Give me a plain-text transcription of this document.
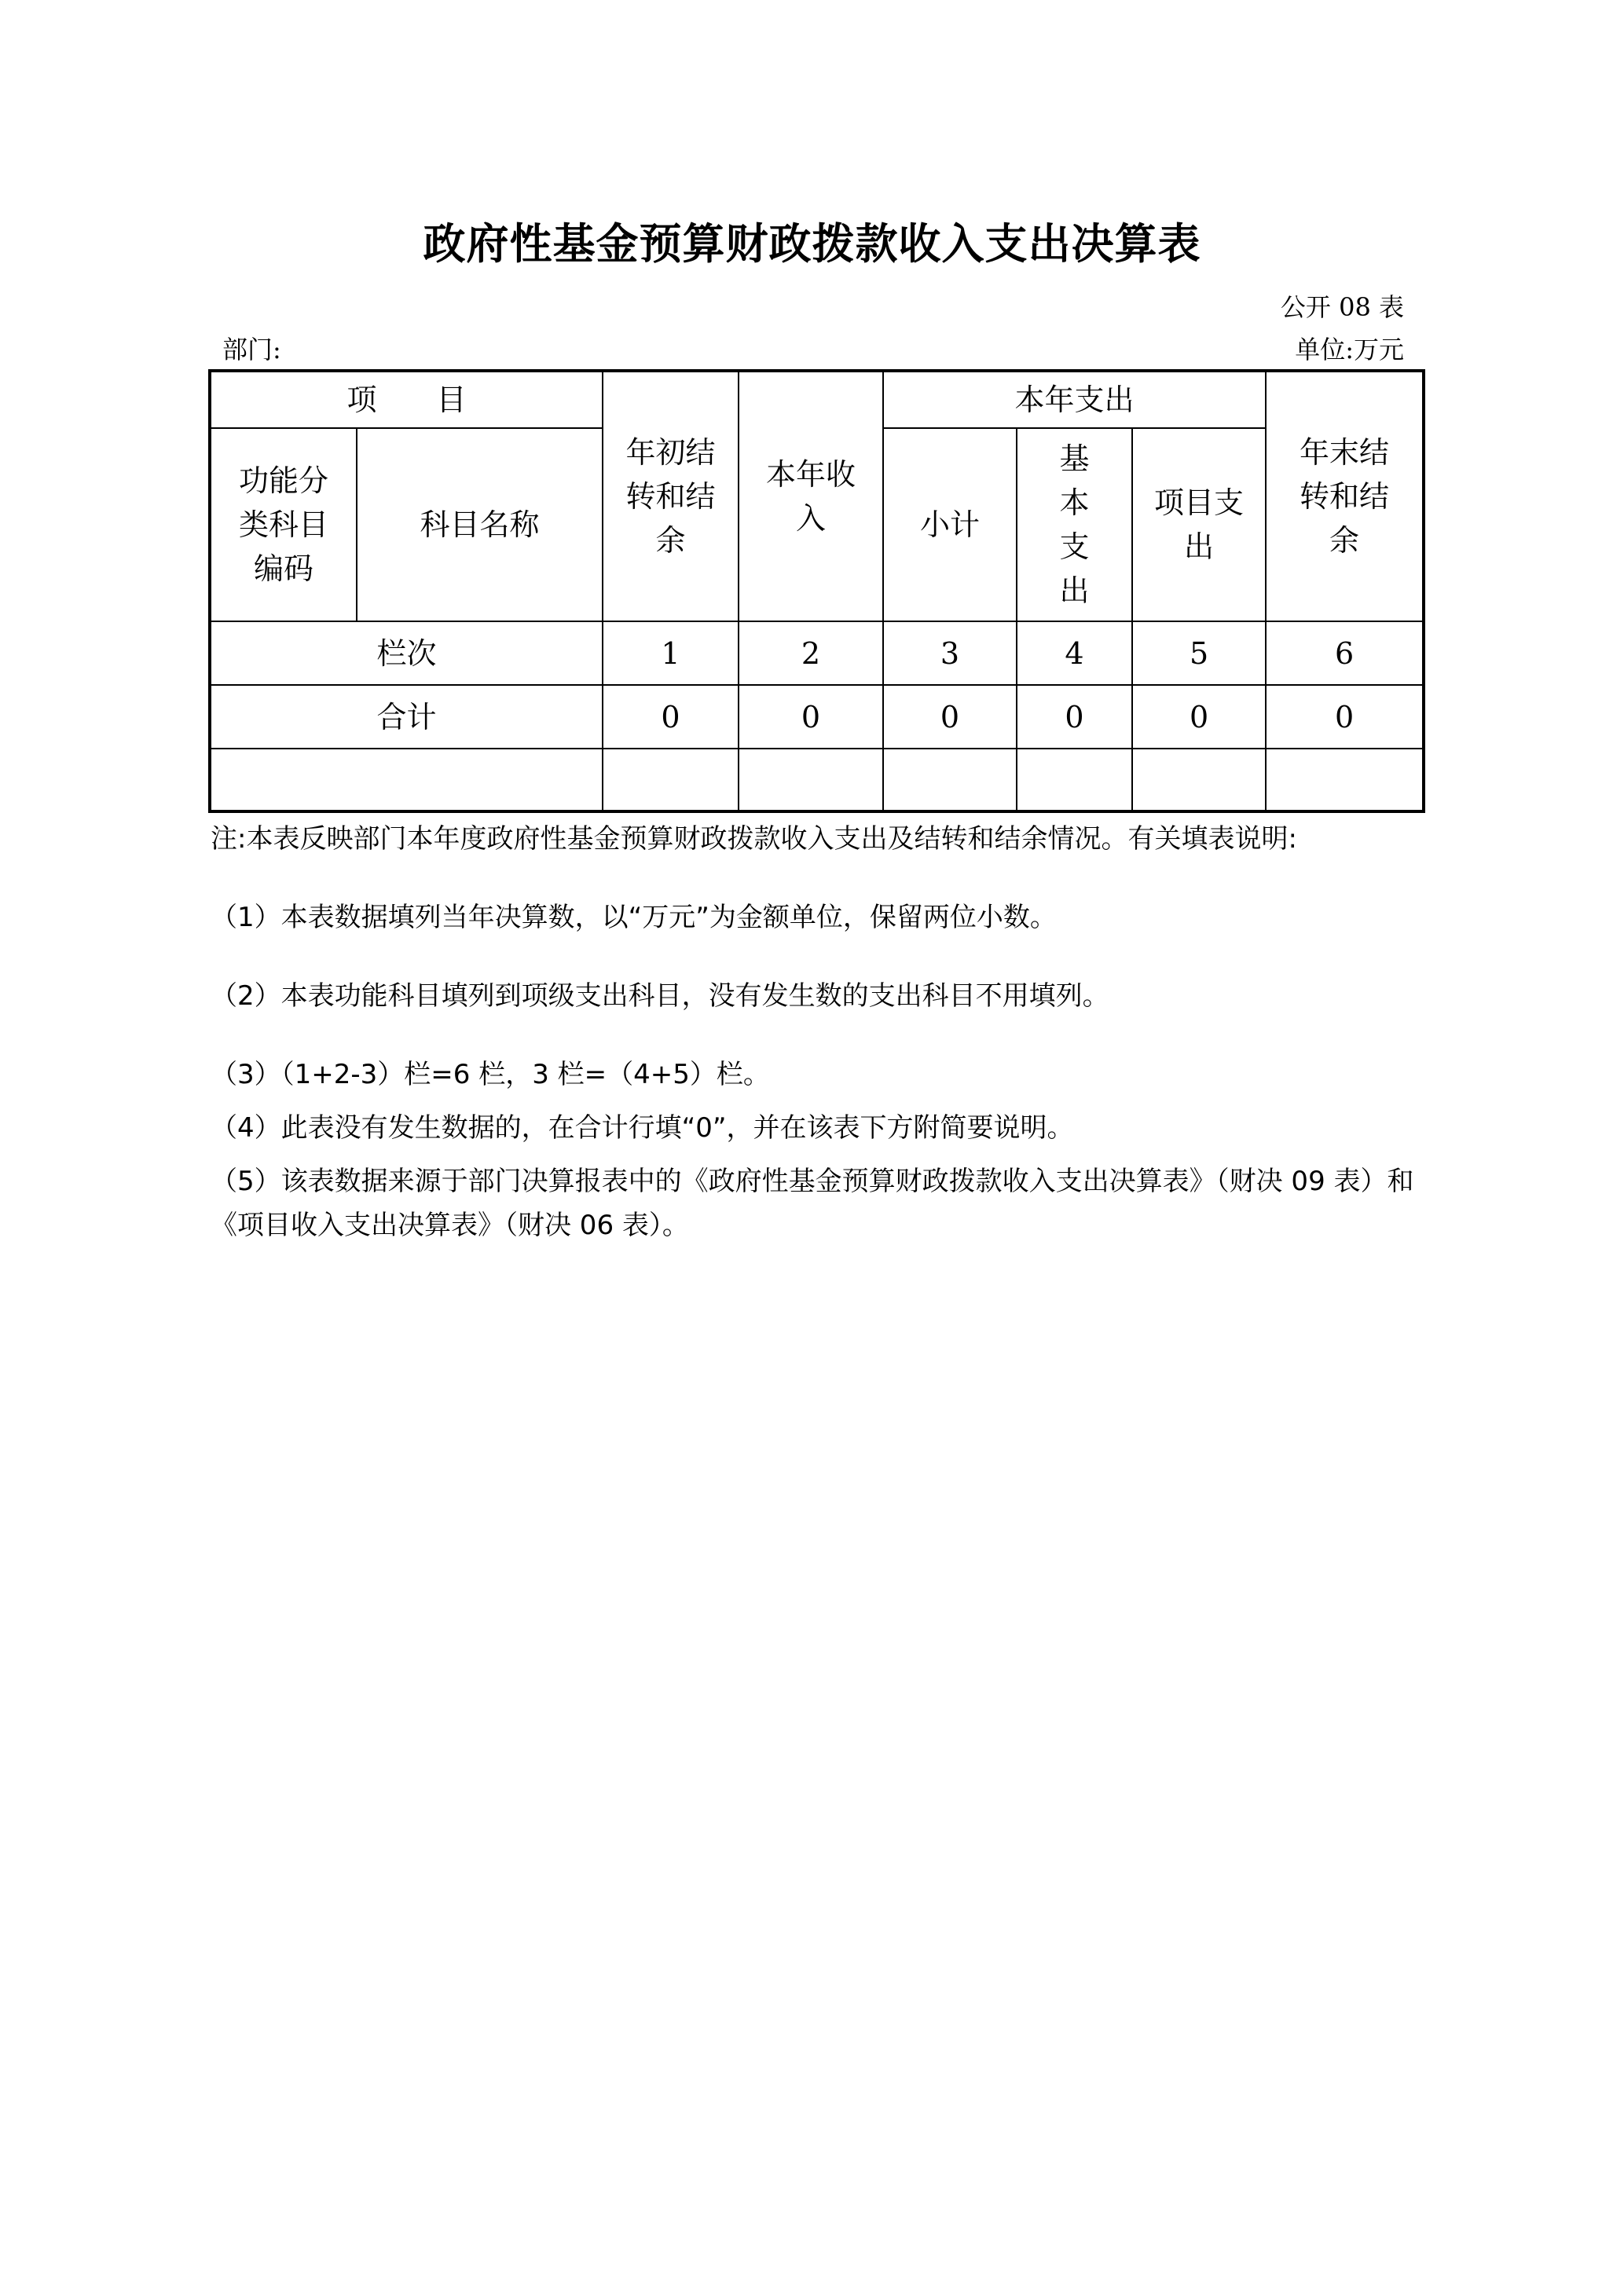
政府性基金预算财政拨款收入支出决算表
公开 08 表
部门:	单位:万元
项　　目		年初结转和结余	本年收入	本年支出			年末结转和结余
功能分类科目编码	科目名称			小计	基本支出	项目支出	
栏次		1	2	3	4	5	6
合计		0	0	0	0	0	0

注:本表反映部门本年度政府性基金预算财政拨款收入支出及结转和结余情况。有关填表说明:

（1）本表数据填列当年决算数，以“万元”为金额单位，保留两位小数。

（2）本表功能科目填列到项级支出科目，没有发生数的支出科目不用填列。

（3）（1+2-3）栏=6 栏，3 栏=（4+5）栏。

（4）此表没有发生数据的，在合计行填“0”，并在该表下方附简要说明。

（5）该表数据来源于部门决算报表中的《政府性基金预算财政拨款收入支出决算表》（财决 09 表）和《项目收入支出决算表》（财决 06 表）。
